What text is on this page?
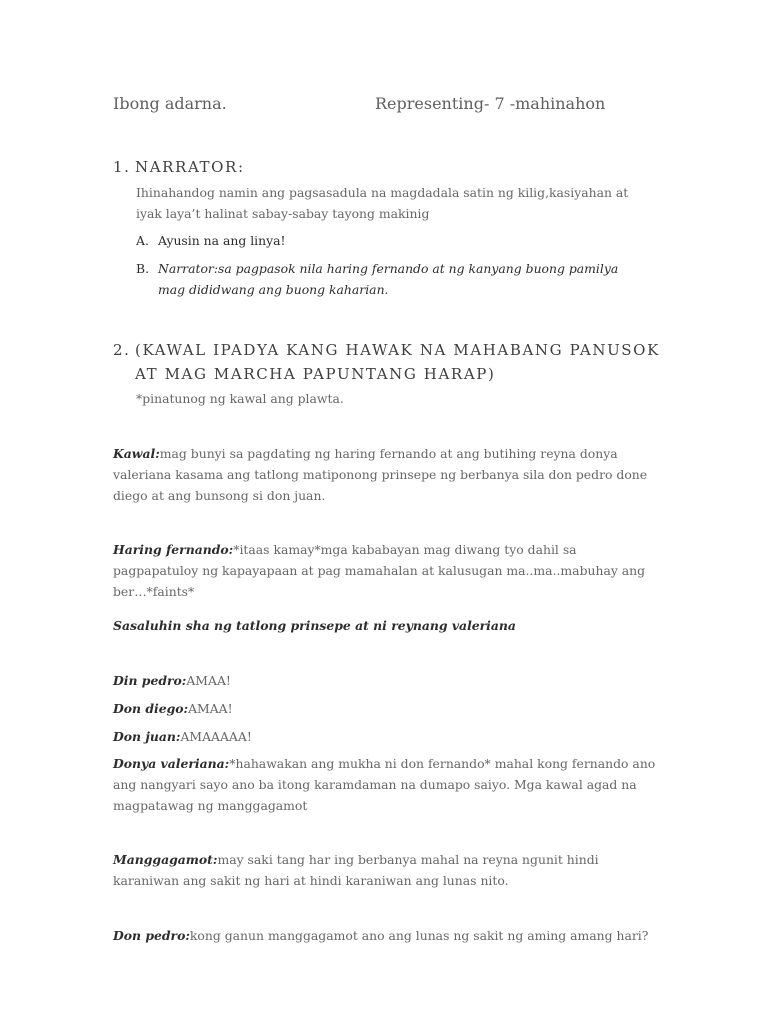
Ibong adarna.	Representing- 7 -mahinahon
1. NARRATOR:
Ihinahandog namin ang pagsasadula na magdadala satin ng kilig,kasiyahan at iyak laya’t halinat sabay-sabay tayong makinig
A. Ayusin na ang linya!
B. Narrator:sa pagpasok nila haring fernando at ng kanyang buong pamilya mag dididwang ang buong kaharian.
2. (KAWAL IPADYA KANG HAWAK NA MAHABANG PANUSOK AT MAG MARCHA PAPUNTANG HARAP)
*pinatunog ng kawal ang plawta.
Kawal:mag bunyi sa pagdating ng haring fernando at ang butihing reyna donya valeriana kasama ang tatlong matiponong prinsepe ng berbanya sila don pedro done diego at ang bunsong si don juan.
Haring fernando:*itaas kamay*mga kababayan mag diwang tyo dahil sa pagpapatuloy ng kapayapaan at pag mamahalan at kalusugan ma..ma..mabuhay ang ber…*faints*
Sasaluhin sha ng tatlong prinsepe at ni reynang valeriana
Din pedro:AMAA!
Don diego:AMAA!
Don juan:AMAAAAA!
Donya valeriana:*hahawakan ang mukha ni don fernando* mahal kong fernando ano ang nangyari sayo ano ba itong karamdaman na dumapo saiyo. Mga kawal agad na magpatawag ng manggagamot
Manggagamot:may saki tang har ing berbanya mahal na reyna ngunit hindi karaniwan ang sakit ng hari at hindi karaniwan ang lunas nito.
Don pedro:kong ganun manggagamot ano ang lunas ng sakit ng aming amang hari?
